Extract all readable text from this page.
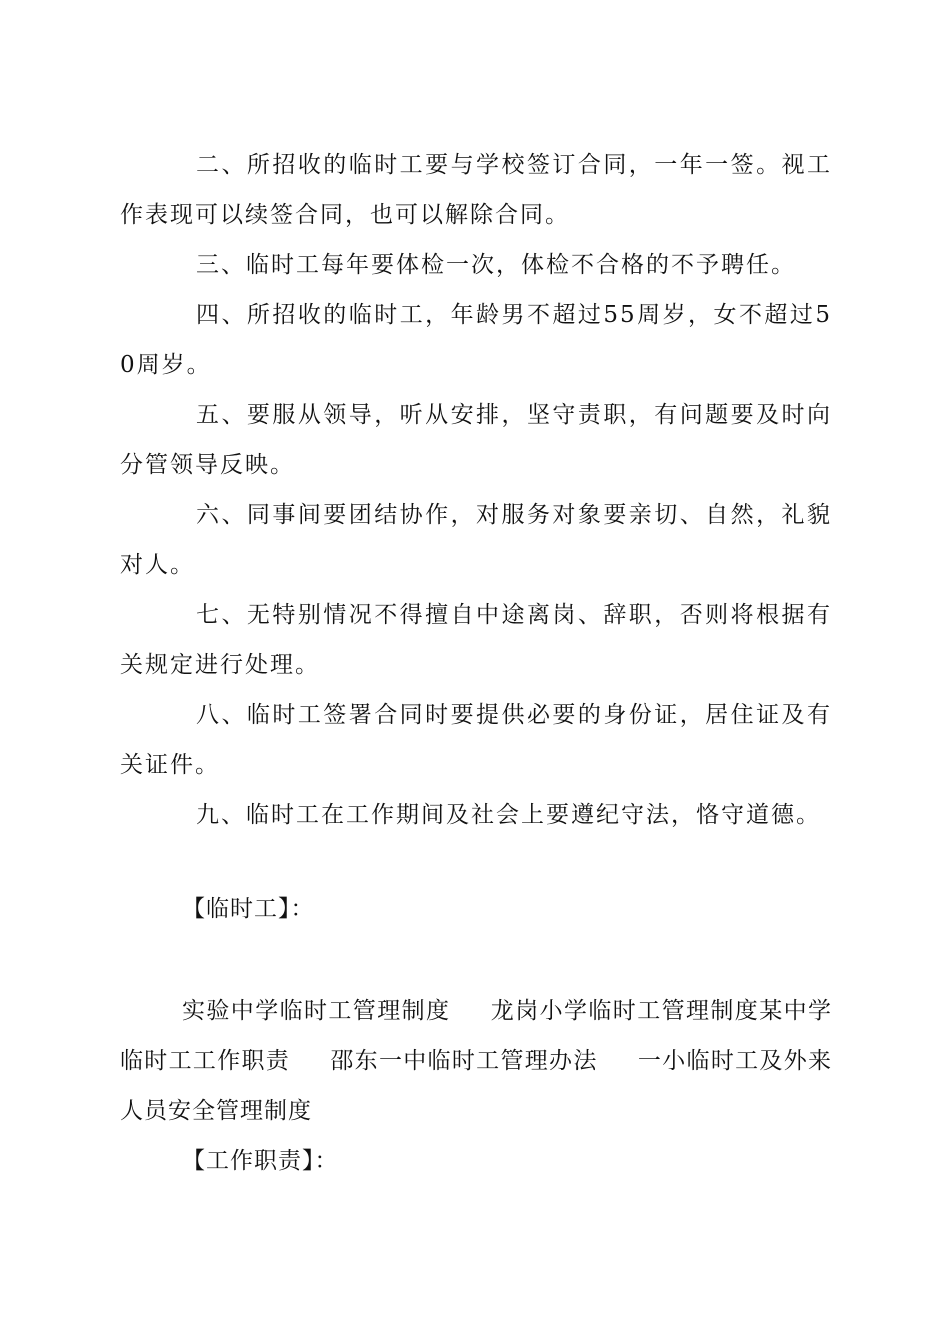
二、所招收的临时工要与学校签订合同，一年一签。视工作表现可以续签合同，也可以解除合同。

三、临时工每年要体检一次，体检不合格的不予聘任。

四、所招收的临时工，年龄男不超过55周岁，女不超过50周岁。

五、要服从领导，听从安排，坚守责职，有问题要及时向分管领导反映。

六、同事间要团结协作，对服务对象要亲切、自然，礼貌对人。

七、无特别情况不得擅自中途离岗、辞职，否则将根据有关规定进行处理。

八、临时工签署合同时要提供必要的身份证，居住证及有关证件。

九、临时工在工作期间及社会上要遵纪守法，恪守道德。

【临时工】：

实验中学临时工管理制度 龙岗小学临时工管理制度某中学临时工工作职责 邵东一中临时工管理办法 一小临时工及外来人员安全管理制度

【工作职责】：
